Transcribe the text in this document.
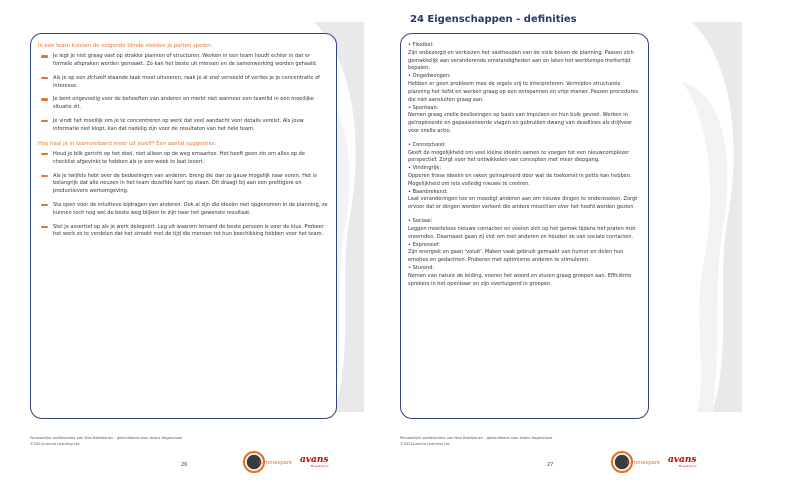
In een team kunnen de volgende blinde vlekken je parten spelen:
Je legt je niet graag vast op strakke plannen of structuren. Werken in een team houdt echter in dat er formele afspraken worden gemaakt. Zo kan het beste uit mensen en de samenwerking worden gehaald.
Als je op een zichzelf staande taak moet uitvoeren, raak je al snel verveeld of verlies je je concentratie of interesse.
Je bent ongevoelig voor de behoeften van anderen en merkt niet wanneer een teamlid in een moeilijke situatie zit.
Je vindt het moeilijk om je te concentreren op werk dat veel aandacht voor details vereist. Als jouw informatie niet klopt, kan dat nadelig zijn voor de resultaten van het hele team.
Hoe haal je in teamverband meer uit jezelf? Een aantal suggesties:
Houd je blik gericht op het doel, niet alleen op de weg ernaartoe. Het heeft geen zin om alles op de checklist afgevinkt te hebben als je een week te laat levert.
Als je twijfels hebt over de bedoelingen van anderen, breng die dan zo gauw mogelijk naar voren. Het is belangrijk dat alle neuzen in het team dezelfde kant op staan. Dit draagt bij aan een prettigere en productievere werkomgeving.
Sta open voor de intuïtieve bijdragen van anderen. Ook al zijn die ideeën niet opgenomen in de planning, ze kunnen toch nog wel de beste weg blijken te zijn naar het gewenste resultaat.
Stel je assertief op als je werk delegeert. Leg uit waarom iemand de beste persoon is voor de klus. Probeer het werk zo te verdelen dat het strookt met de tijd die mensen tot hun beschikking hebben voor het team.
Persoonlijke profielschets van Max Bastiaanen - gefaciliteerd door Avans Hogeschool
©2024Lumina Learning Ltd
26	luminaspark avans
Hogeschool
24 Eigenschappen - definities

• Flexibel:

Zijn onbezorgd en verkiezen het vasthouden van de visie boven de planning. Passen zich gemakkelijk aan veranderende omstandigheden aan en laten het werktempo mettertijd bepalen.

• Ongedwongen:

Hebben er geen probleem mee de regels vrij te interpreteren. Vermijden structurele planning het liefst en werken graag op een ontspannen en vrije manier. Passen procedures die niet aansluiten graag aan.

• Spontaan:

Nemen graag snelle beslissingen op basis van impulsen en hun buik gevoel. Werken in geïnspireerde en gepassioneerde vlagen en gebruiken dwang van deadlines als drijfveer voor snelle actie.

• Conceptueel:

Geeft de mogelijkheid om veel kleine ideeën samen te voegen tot een nieuwcomplexer perspectief. Zorgt voor het ontwikkelen van concepten met meer diepgang.

• Vindingrijk:

Opperen frisse ideeën en raken geïnspireerd door wat de toekomst in petto kan hebben. Mogelijkheid om iets volledig nieuws te creëren.

• Baanbrekend:

Laat veranderingen toe en moedigt anderen aan om nieuwe dingen te onderzoeken. Zorgt ervoor dat er dingen worden verkent die anders misschien over het hoofd worden gezien.

• Sociaal:

Leggen moeiteloos nieuwe contacten en voelen zich op het gemak tijdens het praten met vreemden. Daarnaast gaan zij vlot om met anderen en houden ze van sociale contacten.

• Expressief:

Zijn energiek en gaan 'voluit'. Maken vaak gebruik gemaakt van humor en delen hun emoties en gedachten. Proberen met optimisme anderen te stimuleren.

• Sturend:

Nemen van nature de leiding, voeren het woord en sturen graag groepen aan. Efficiënte sprekers in het openbaar en zijn overtuigend in groepen.

Persoonlijke profielschets van Max Bastiaanen - gefaciliteerd door Avans Hogeschool
©2024Lumina Learning Ltd
27	luminaspark avans
Hogeschool
